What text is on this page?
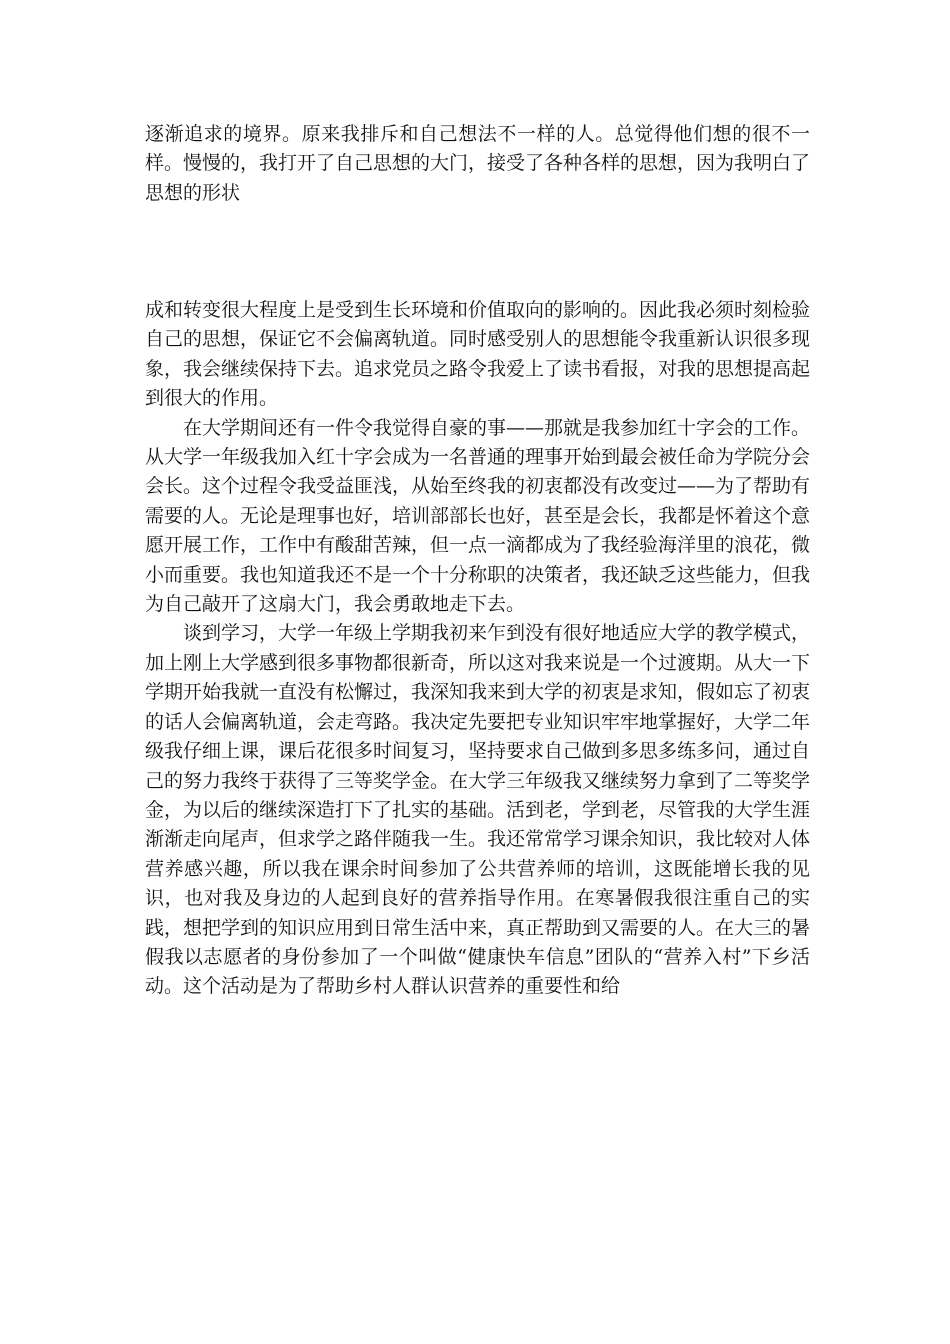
逐渐追求的境界。原来我排斥和自己想法不一样的人。总觉得他们想的很不一样。慢慢的，我打开了自己思想的大门，接受了各种各样的思想，因为我明白了思想的形状

成和转变很大程度上是受到生长环境和价值取向的影响的。因此我必须时刻检验自己的思想，保证它不会偏离轨道。同时感受别人的思想能令我重新认识很多现象，我会继续保持下去。追求党员之路令我爱上了读书看报，对我的思想提高起到很大的作用。

在大学期间还有一件令我觉得自豪的事——那就是我参加红十字会的工作。从大学一年级我加入红十字会成为一名普通的理事开始到最会被任命为学院分会会长。这个过程令我受益匪浅，从始至终我的初衷都没有改变过——为了帮助有需要的人。无论是理事也好，培训部部长也好，甚至是会长，我都是怀着这个意愿开展工作，工作中有酸甜苦辣，但一点一滴都成为了我经验海洋里的浪花，微小而重要。我也知道我还不是一个十分称职的决策者，我还缺乏这些能力，但我为自己敲开了这扇大门，我会勇敢地走下去。

谈到学习，大学一年级上学期我初来乍到没有很好地适应大学的教学模式，加上刚上大学感到很多事物都很新奇，所以这对我来说是一个过渡期。从大一下学期开始我就一直没有松懈过，我深知我来到大学的初衷是求知，假如忘了初衷的话人会偏离轨道，会走弯路。我决定先要把专业知识牢牢地掌握好，大学二年级我仔细上课，课后花很多时间复习，坚持要求自己做到多思多练多问，通过自己的努力我终于获得了三等奖学金。在大学三年级我又继续努力拿到了二等奖学金，为以后的继续深造打下了扎实的基础。活到老，学到老，尽管我的大学生涯渐渐走向尾声，但求学之路伴随我一生。我还常常学习课余知识，我比较对人体营养感兴趣，所以我在课余时间参加了公共营养师的培训，这既能增长我的见识，也对我及身边的人起到良好的营养指导作用。在寒暑假我很注重自己的实践，想把学到的知识应用到日常生活中来，真正帮助到又需要的人。在大三的暑假我以志愿者的身份参加了一个叫做“健康快车信息”团队的“营养入村”下乡活动。这个活动是为了帮助乡村人群认识营养的重要性和给
